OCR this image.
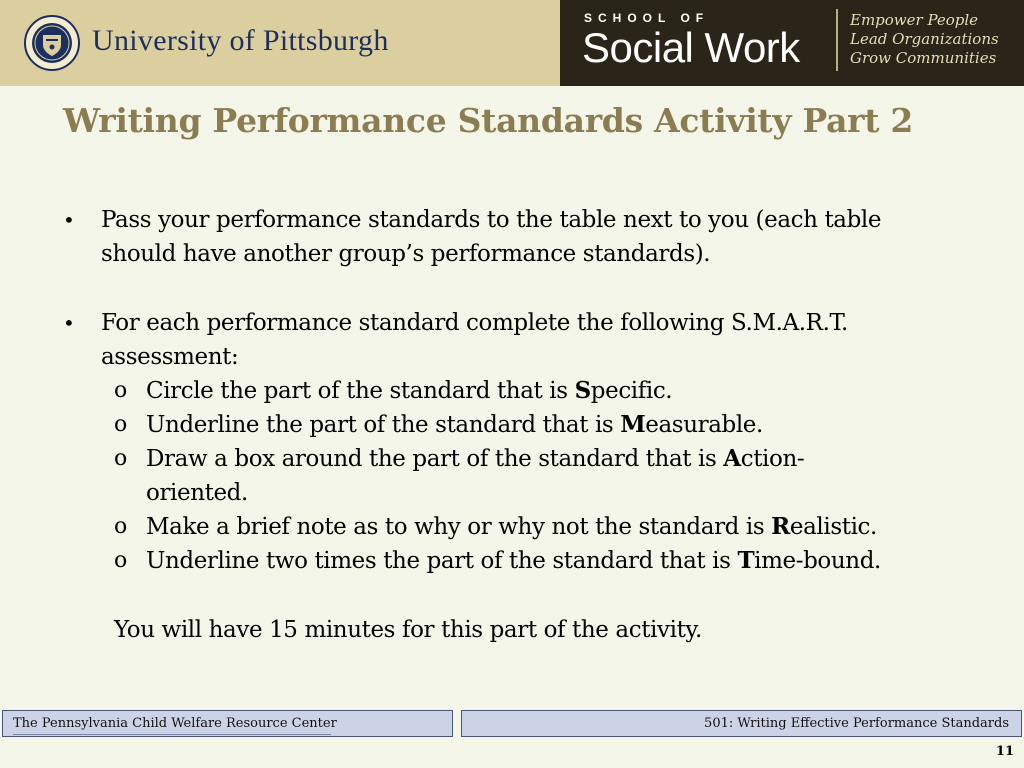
University of Pittsburgh
SCHOOL OF
Social Work
Empower People
Lead Organizations
Grow Communities
Writing Performance Standards Activity Part 2
• Pass your performance standards to the table next to you (each table
should have another group’s performance standards).
• For each performance standard complete the following S.M.A.R.T.
assessment:
o Circle the part of the standard that is Specific.
o Underline the part of the standard that is Measurable.
o Draw a box around the part of the standard that is Action-
oriented.
o Make a brief note as to why or why not the standard is Realistic.
o Underline two times the part of the standard that is Time-bound.
You will have 15 minutes for this part of the activity.
The Pennsylvania Child Welfare Resource Center	501: Writing Effective Performance Standards
11
